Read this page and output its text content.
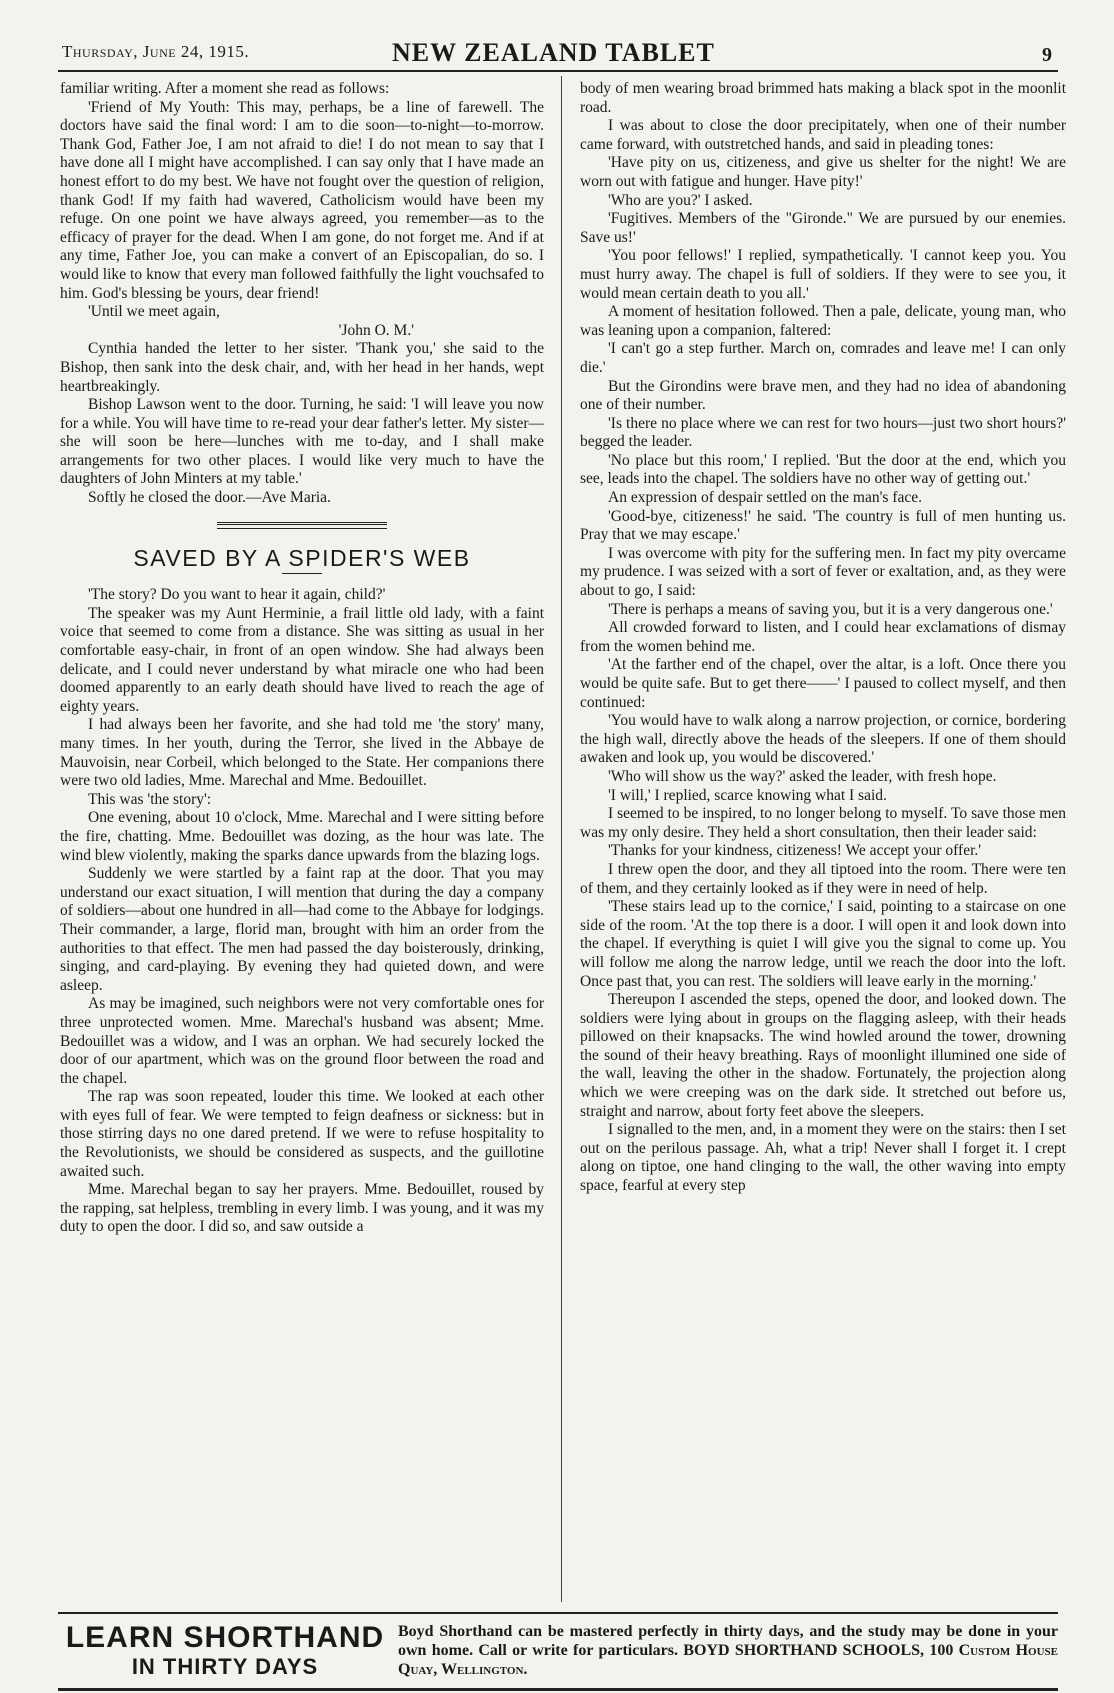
Thursday, June 24, 1915.	NEW ZEALAND TABLET	9

familiar writing. After a moment she read as follows:

'Friend of My Youth: This may, perhaps, be a line of farewell. The doctors have said the final word: I am to die soon—to-night—to-morrow. Thank God, Father Joe, I am not afraid to die! I do not mean to say that I have done all I might have accomplished. I can say only that I have made an honest effort to do my best. We have not fought over the question of religion, thank God! If my faith had wavered, Catholicism would have been my refuge. On one point we have always agreed, you remember—as to the efficacy of prayer for the dead. When I am gone, do not forget me. And if at any time, Father Joe, you can make a convert of an Episcopalian, do so. I would like to know that every man followed faithfully the light vouchsafed to him. God's blessing be yours, dear friend!

'Until we meet again,

'John O. M.'

Cynthia handed the letter to her sister. 'Thank you,' she said to the Bishop, then sank into the desk chair, and, with her head in her hands, wept heartbreakingly.

Bishop Lawson went to the door. Turning, he said: 'I will leave you now for a while. You will have time to re-read your dear father's letter. My sister—she will soon be here—lunches with me to-day, and I shall make arrangements for two other places. I would like very much to have the daughters of John Minters at my table.'

Softly he closed the door.—Ave Maria.

SAVED BY A SPIDER'S WEB

'The story? Do you want to hear it again, child?'

The speaker was my Aunt Herminie, a frail little old lady, with a faint voice that seemed to come from a distance. She was sitting as usual in her comfortable easy-chair, in front of an open window. She had always been delicate, and I could never understand by what miracle one who had been doomed apparently to an early death should have lived to reach the age of eighty years.

I had always been her favorite, and she had told me 'the story' many, many times. In her youth, during the Terror, she lived in the Abbaye de Mauvoisin, near Corbeil, which belonged to the State. Her companions there were two old ladies, Mme. Marechal and Mme. Bedouillet.

This was 'the story':

One evening, about 10 o'clock, Mme. Marechal and I were sitting before the fire, chatting. Mme. Bedouillet was dozing, as the hour was late. The wind blew violently, making the sparks dance upwards from the blazing logs.

Suddenly we were startled by a faint rap at the door. That you may understand our exact situation, I will mention that during the day a company of soldiers—about one hundred in all—had come to the Abbaye for lodgings. Their commander, a large, florid man, brought with him an order from the authorities to that effect. The men had passed the day boisterously, drinking, singing, and card-playing. By evening they had quieted down, and were asleep.

As may be imagined, such neighbors were not very comfortable ones for three unprotected women. Mme. Marechal's husband was absent; Mme. Bedouillet was a widow, and I was an orphan. We had securely locked the door of our apartment, which was on the ground floor between the road and the chapel.

The rap was soon repeated, louder this time. We looked at each other with eyes full of fear. We were tempted to feign deafness or sickness: but in those stirring days no one dared pretend. If we were to refuse hospitality to the Revolutionists, we should be considered as suspects, and the guillotine awaited such.

Mme. Marechal began to say her prayers. Mme. Bedouillet, roused by the rapping, sat helpless, trembling in every limb. I was young, and it was my duty to open the door. I did so, and saw outside a

body of men wearing broad brimmed hats making a black spot in the moonlit road.

I was about to close the door precipitately, when one of their number came forward, with outstretched hands, and said in pleading tones:

'Have pity on us, citizeness, and give us shelter for the night! We are worn out with fatigue and hunger. Have pity!'

'Who are you?' I asked.

'Fugitives. Members of the "Gironde." We are pursued by our enemies. Save us!'

'You poor fellows!' I replied, sympathetically. 'I cannot keep you. You must hurry away. The chapel is full of soldiers. If they were to see you, it would mean certain death to you all.'

A moment of hesitation followed. Then a pale, delicate, young man, who was leaning upon a companion, faltered:

'I can't go a step further. March on, comrades and leave me! I can only die.'

But the Girondins were brave men, and they had no idea of abandoning one of their number.

'Is there no place where we can rest for two hours—just two short hours?' begged the leader.

'No place but this room,' I replied. 'But the door at the end, which you see, leads into the chapel. The soldiers have no other way of getting out.'

An expression of despair settled on the man's face.

'Good-bye, citizeness!' he said. 'The country is full of men hunting us. Pray that we may escape.'

I was overcome with pity for the suffering men. In fact my pity overcame my prudence. I was seized with a sort of fever or exaltation, and, as they were about to go, I said:

'There is perhaps a means of saving you, but it is a very dangerous one.'

All crowded forward to listen, and I could hear exclamations of dismay from the women behind me.

'At the farther end of the chapel, over the altar, is a loft. Once there you would be quite safe. But to get there——' I paused to collect myself, and then continued:

'You would have to walk along a narrow projection, or cornice, bordering the high wall, directly above the heads of the sleepers. If one of them should awaken and look up, you would be discovered.'

'Who will show us the way?' asked the leader, with fresh hope.

'I will,' I replied, scarce knowing what I said.

I seemed to be inspired, to no longer belong to myself. To save those men was my only desire. They held a short consultation, then their leader said:

'Thanks for your kindness, citizeness! We accept your offer.'

I threw open the door, and they all tiptoed into the room. There were ten of them, and they certainly looked as if they were in need of help.

'These stairs lead up to the cornice,' I said, pointing to a staircase on one side of the room. 'At the top there is a door. I will open it and look down into the chapel. If everything is quiet I will give you the signal to come up. You will follow me along the narrow ledge, until we reach the door into the loft. Once past that, you can rest. The soldiers will leave early in the morning.'

Thereupon I ascended the steps, opened the door, and looked down. The soldiers were lying about in groups on the flagging asleep, with their heads pillowed on their knapsacks. The wind howled around the tower, drowning the sound of their heavy breathing. Rays of moonlight illumined one side of the wall, leaving the other in the shadow. Fortunately, the projection along which we were creeping was on the dark side. It stretched out before us, straight and narrow, about forty feet above the sleepers.

I signalled to the men, and, in a moment they were on the stairs: then I set out on the perilous passage. Ah, what a trip! Never shall I forget it. I crept along on tiptoe, one hand clinging to the wall, the other waving into empty space, fearful at every step

LEARN SHORTHAND
IN THIRTY DAYS
Boyd Shorthand can be mastered perfectly in thirty days, and the study may be done in your own home. Call or write for particulars. BOYD SHORTHAND SCHOOLS, 100 Custom House Quay, Wellington.
